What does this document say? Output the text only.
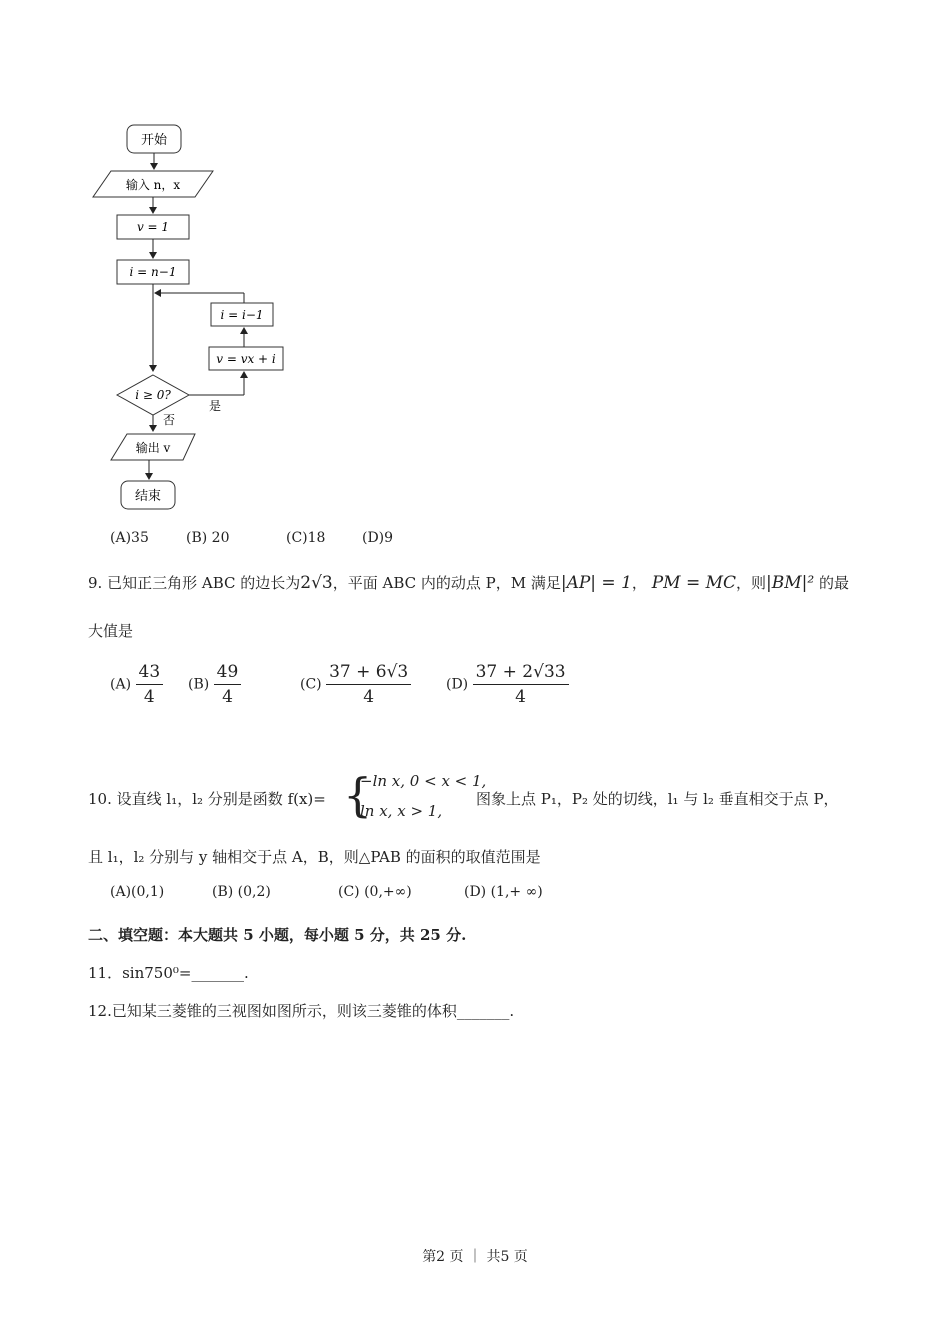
开始
输入 n，x
v = 1
i = n−1
i = i−1
v = vx + i
i ≥ 0?
是
否
输出 v
结束
(A)35	(B) 20	(C)18	(D)9
9. 已知正三角形 ABC 的边长为2√3，平面 ABC 内的动点 P，M 满足|AP| = 1， PM = MC，则|BM|² 的最
大值是
$(A) \frac{43}{4} (B) \frac{49}{4}$	$(C) \frac{37 + 6√3}{4} (D) \frac{37 + 2√33}{4}$
10. 设直线 l₁，l₂ 分别是函数 f(x)= {
−ln x, 0 < x < 1,
ln x, x > 1,
图象上点 P₁，P₂ 处的切线，l₁ 与 l₂ 垂直相交于点 P，
且 l₁，l₂ 分别与 y 轴相交于点 A，B，则△PAB 的面积的取值范围是
(A)(0,1)	(B) (0,2)	(C) (0,+∞)	(D) (1,+ ∞)
二、填空题：本大题共 5 小题，每小题 5 分，共 25 分.
11．sin750⁰=_______.
12.已知某三菱锥的三视图如图所示，则该三菱锥的体积_______.
第2 页 ｜ 共5 页
